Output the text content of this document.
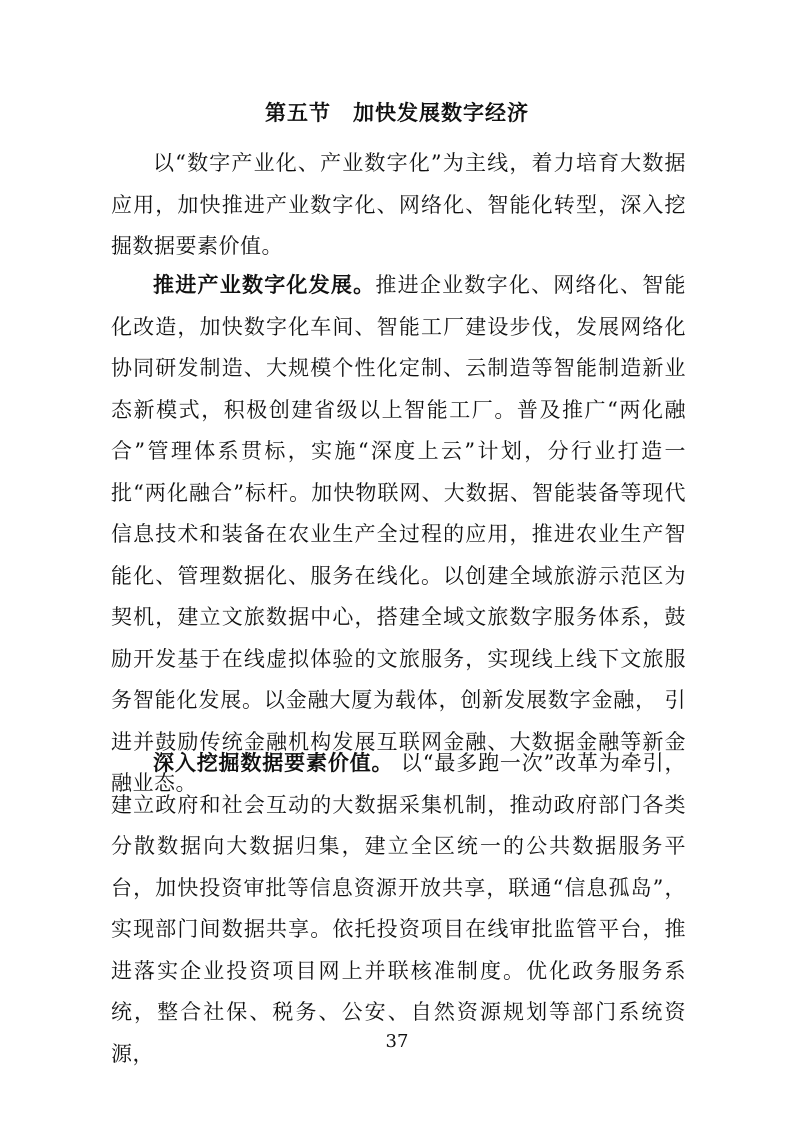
第五节　加快发展数字经济

以“数字产业化、产业数字化”为主线，着力培育大数据应用，加快推进产业数字化、网络化、智能化转型，深入挖掘数据要素价值。

推进产业数字化发展。推进企业数字化、网络化、智能化改造，加快数字化车间、智能工厂建设步伐，发展网络化协同研发制造、大规模个性化定制、云制造等智能制造新业态新模式，积极创建省级以上智能工厂。普及推广“两化融合”管理体系贯标，实施“深度上云”计划，分行业打造一批“两化融合”标杆。加快物联网、大数据、智能装备等现代信息技术和装备在农业生产全过程的应用，推进农业生产智能化、管理数据化、服务在线化。以创建全域旅游示范区为契机，建立文旅数据中心，搭建全域文旅数字服务体系，鼓励开发基于在线虚拟体验的文旅服务，实现线上线下文旅服务智能化发展。以金融大厦为载体，创新发展数字金融， 引进并鼓励传统金融机构发展互联网金融、大数据金融等新金融业态。

深入挖掘数据要素价值。 以“最多跑一次”改革为牵引，建立政府和社会互动的大数据采集机制，推动政府部门各类分散数据向大数据归集，建立全区统一的公共数据服务平台，加快投资审批等信息资源开放共享，联通“信息孤岛”，实现部门间数据共享。依托投资项目在线审批监管平台，推进落实企业投资项目网上并联核准制度。优化政务服务系统，整合社保、税务、公安、自然资源规划等部门系统资源，	37
